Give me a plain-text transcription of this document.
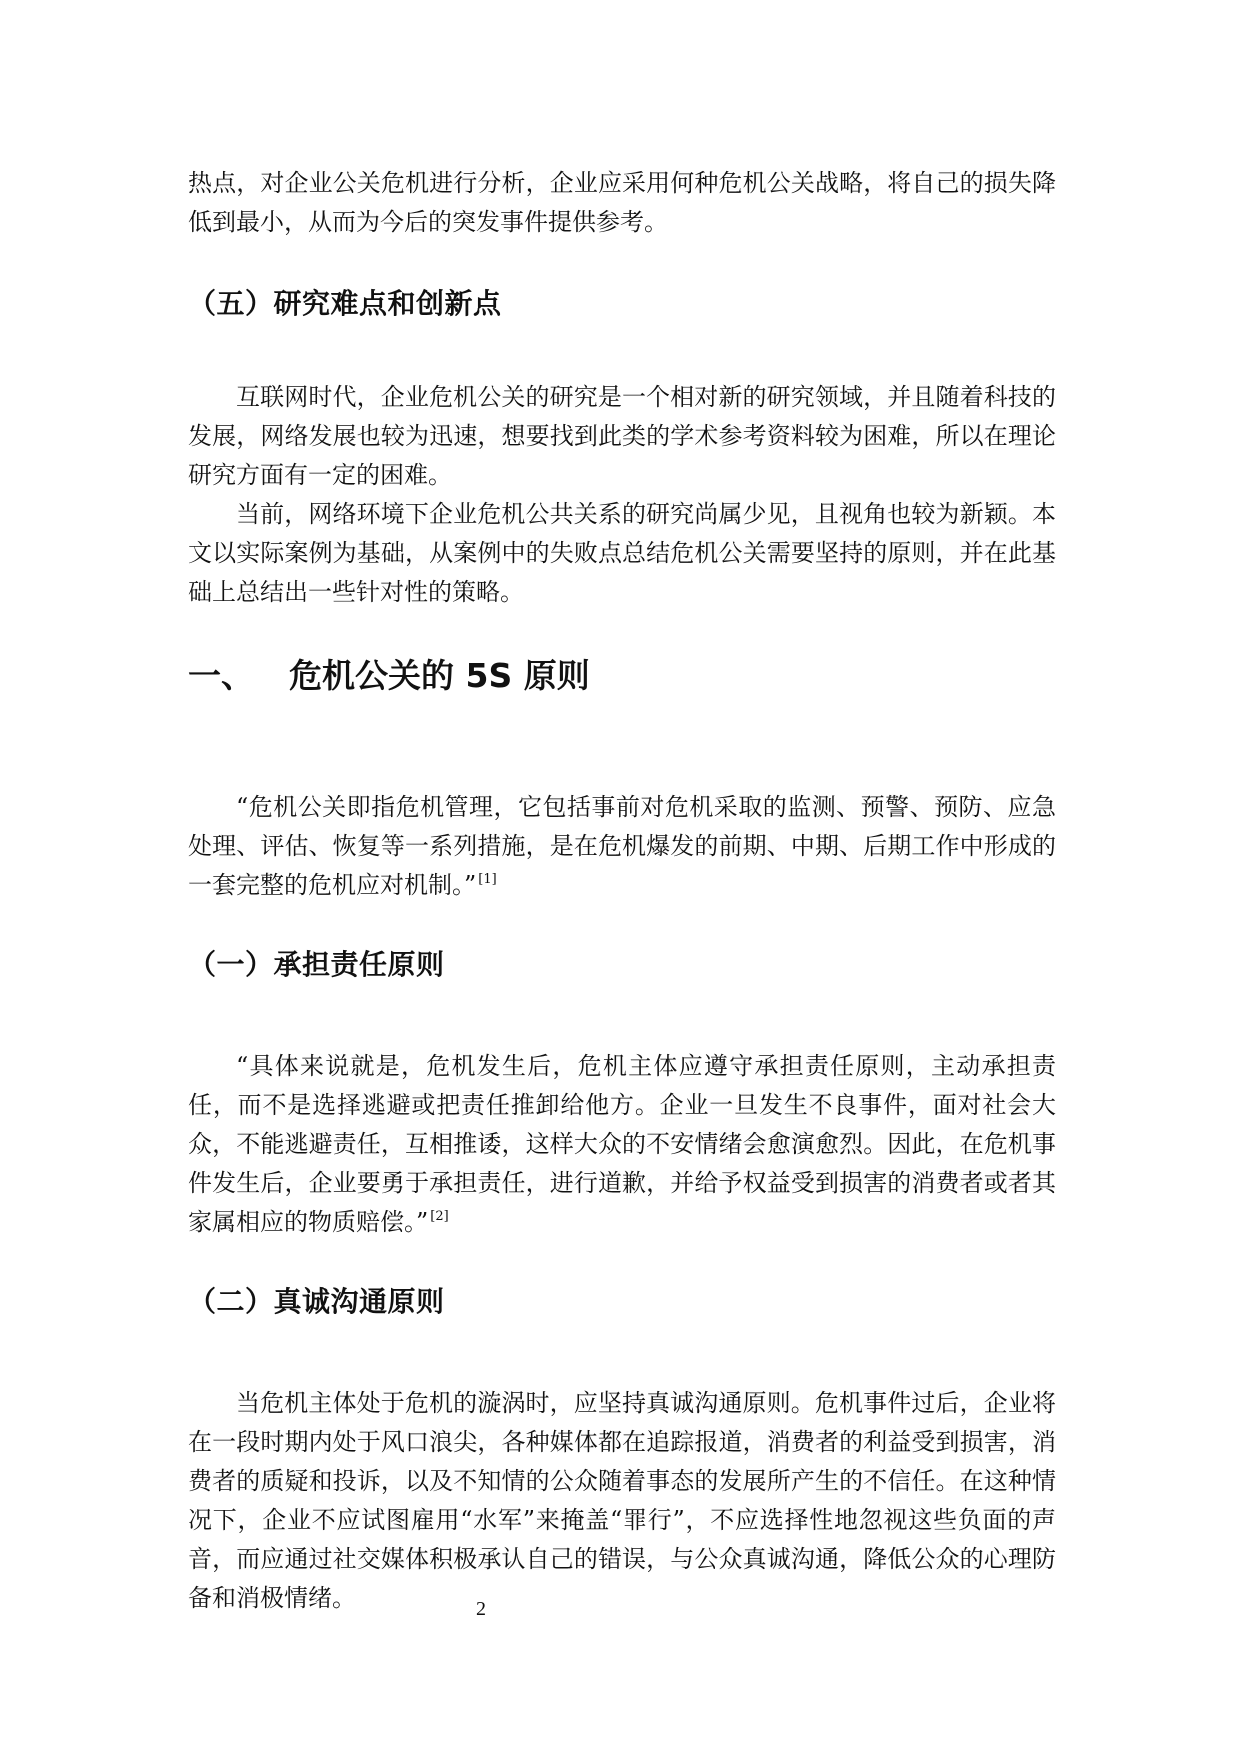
热点，对企业公关危机进行分析，企业应采用何种危机公关战略，将自己的损失降低到最小，从而为今后的突发事件提供参考。

（五）研究难点和创新点

互联网时代，企业危机公关的研究是一个相对新的研究领域，并且随着科技的发展，网络发展也较为迅速，想要找到此类的学术参考资料较为困难，所以在理论研究方面有一定的困难。

当前，网络环境下企业危机公共关系的研究尚属少见，且视角也较为新颖。本文以实际案例为基础，从案例中的失败点总结危机公关需要坚持的原则，并在此基础上总结出一些针对性的策略。

一、 危机公关的 5S 原则

“危机公关即指危机管理，它包括事前对危机采取的监测、预警、预防、应急处理、评估、恢复等一系列措施，是在危机爆发的前期、中期、后期工作中形成的一套完整的危机应对机制。” [1]

（一）承担责任原则

“具体来说就是，危机发生后，危机主体应遵守承担责任原则，主动承担责任，而不是选择逃避或把责任推卸给他方。企业一旦发生不良事件，面对社会大众，不能逃避责任，互相推诿，这样大众的不安情绪会愈演愈烈。因此，在危机事件发生后，企业要勇于承担责任，进行道歉，并给予权益受到损害的消费者或者其家属相应的物质赔偿。” [2]

（二）真诚沟通原则

当危机主体处于危机的漩涡时，应坚持真诚沟通原则。危机事件过后，企业将在一段时期内处于风口浪尖，各种媒体都在追踪报道，消费者的利益受到损害，消费者的质疑和投诉，以及不知情的公众随着事态的发展所产生的不信任。在这种情况下，企业不应试图雇用“水军”来掩盖“罪行”，不应选择性地忽视这些负面的声音，而应通过社交媒体积极承认自己的错误，与公众真诚沟通，降低公众的心理防备和消极情绪。	2
